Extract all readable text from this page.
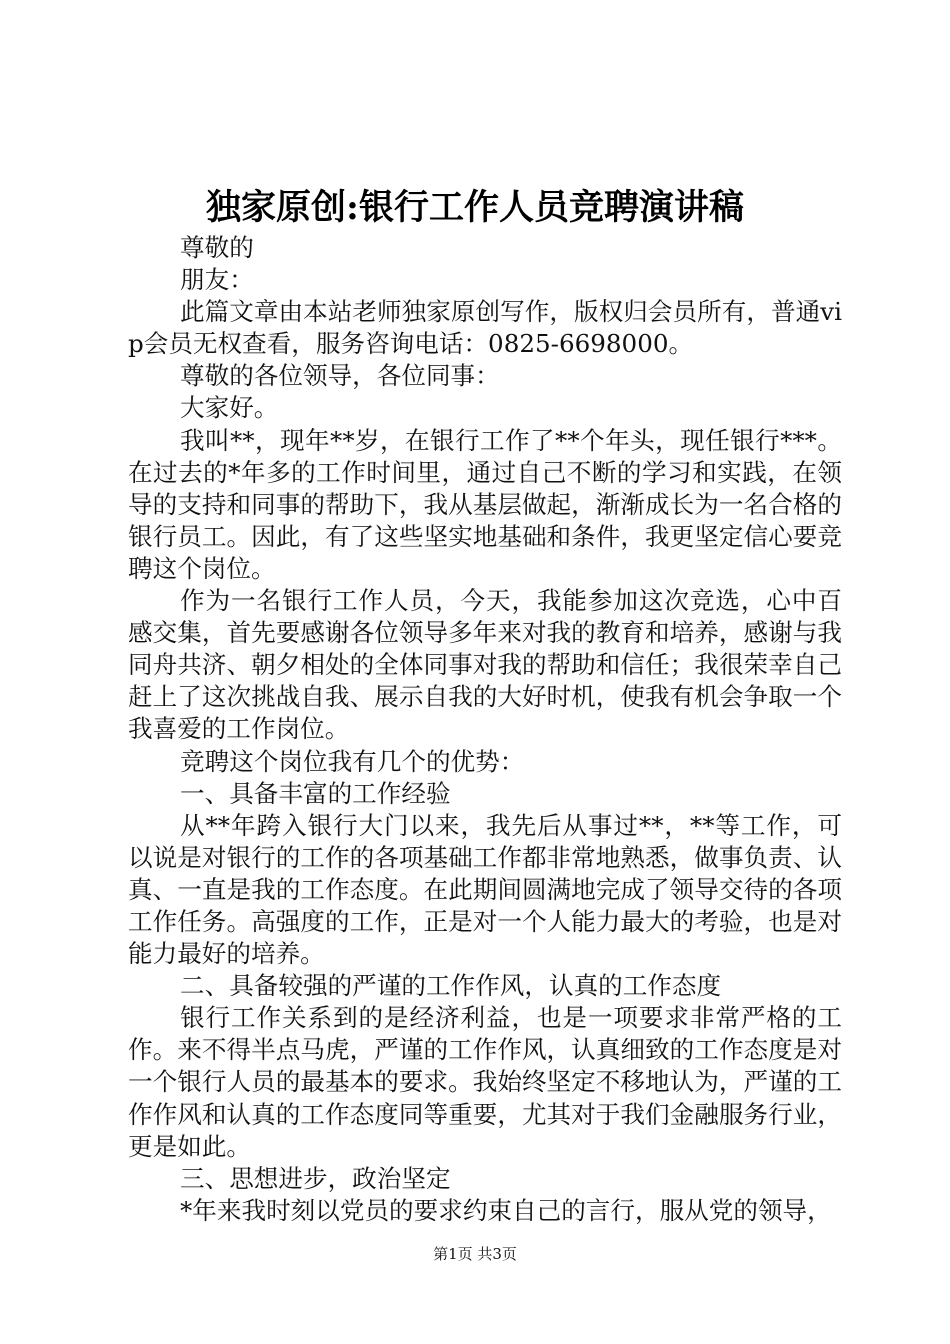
独家原创:银行工作人员竞聘演讲稿

尊敬的

朋友：

此篇文章由本站老师独家原创写作，版权归会员所有，普通vip会员无权查看，服务咨询电话：0825-6698000。

尊敬的各位领导，各位同事：

大家好。

我叫**，现年**岁，在银行工作了**个年头，现任银行***。在过去的*年多的工作时间里，通过自己不断的学习和实践，在领导的支持和同事的帮助下，我从基层做起，渐渐成长为一名合格的银行员工。因此，有了这些坚实地基础和条件，我更坚定信心要竞聘这个岗位。

作为一名银行工作人员，今天，我能参加这次竞选，心中百感交集，首先要感谢各位领导多年来对我的教育和培养，感谢与我同舟共济、朝夕相处的全体同事对我的帮助和信任；我很荣幸自己赶上了这次挑战自我、展示自我的大好时机，使我有机会争取一个我喜爱的工作岗位。

竞聘这个岗位我有几个的优势：

一、具备丰富的工作经验

从**年跨入银行大门以来，我先后从事过**，**等工作，可以说是对银行的工作的各项基础工作都非常地熟悉，做事负责、认真、一直是我的工作态度。在此期间圆满地完成了领导交待的各项工作任务。高强度的工作，正是对一个人能力最大的考验，也是对能力最好的培养。

二、具备较强的严谨的工作作风，认真的工作态度

银行工作关系到的是经济利益，也是一项要求非常严格的工作。来不得半点马虎，严谨的工作作风，认真细致的工作态度是对一个银行人员的最基本的要求。我始终坚定不移地认为，严谨的工作作风和认真的工作态度同等重要，尤其对于我们金融服务行业，更是如此。

三、思想进步，政治坚定

*年来我时刻以党员的要求约束自己的言行，服从党的领导，

第1页 共3页
